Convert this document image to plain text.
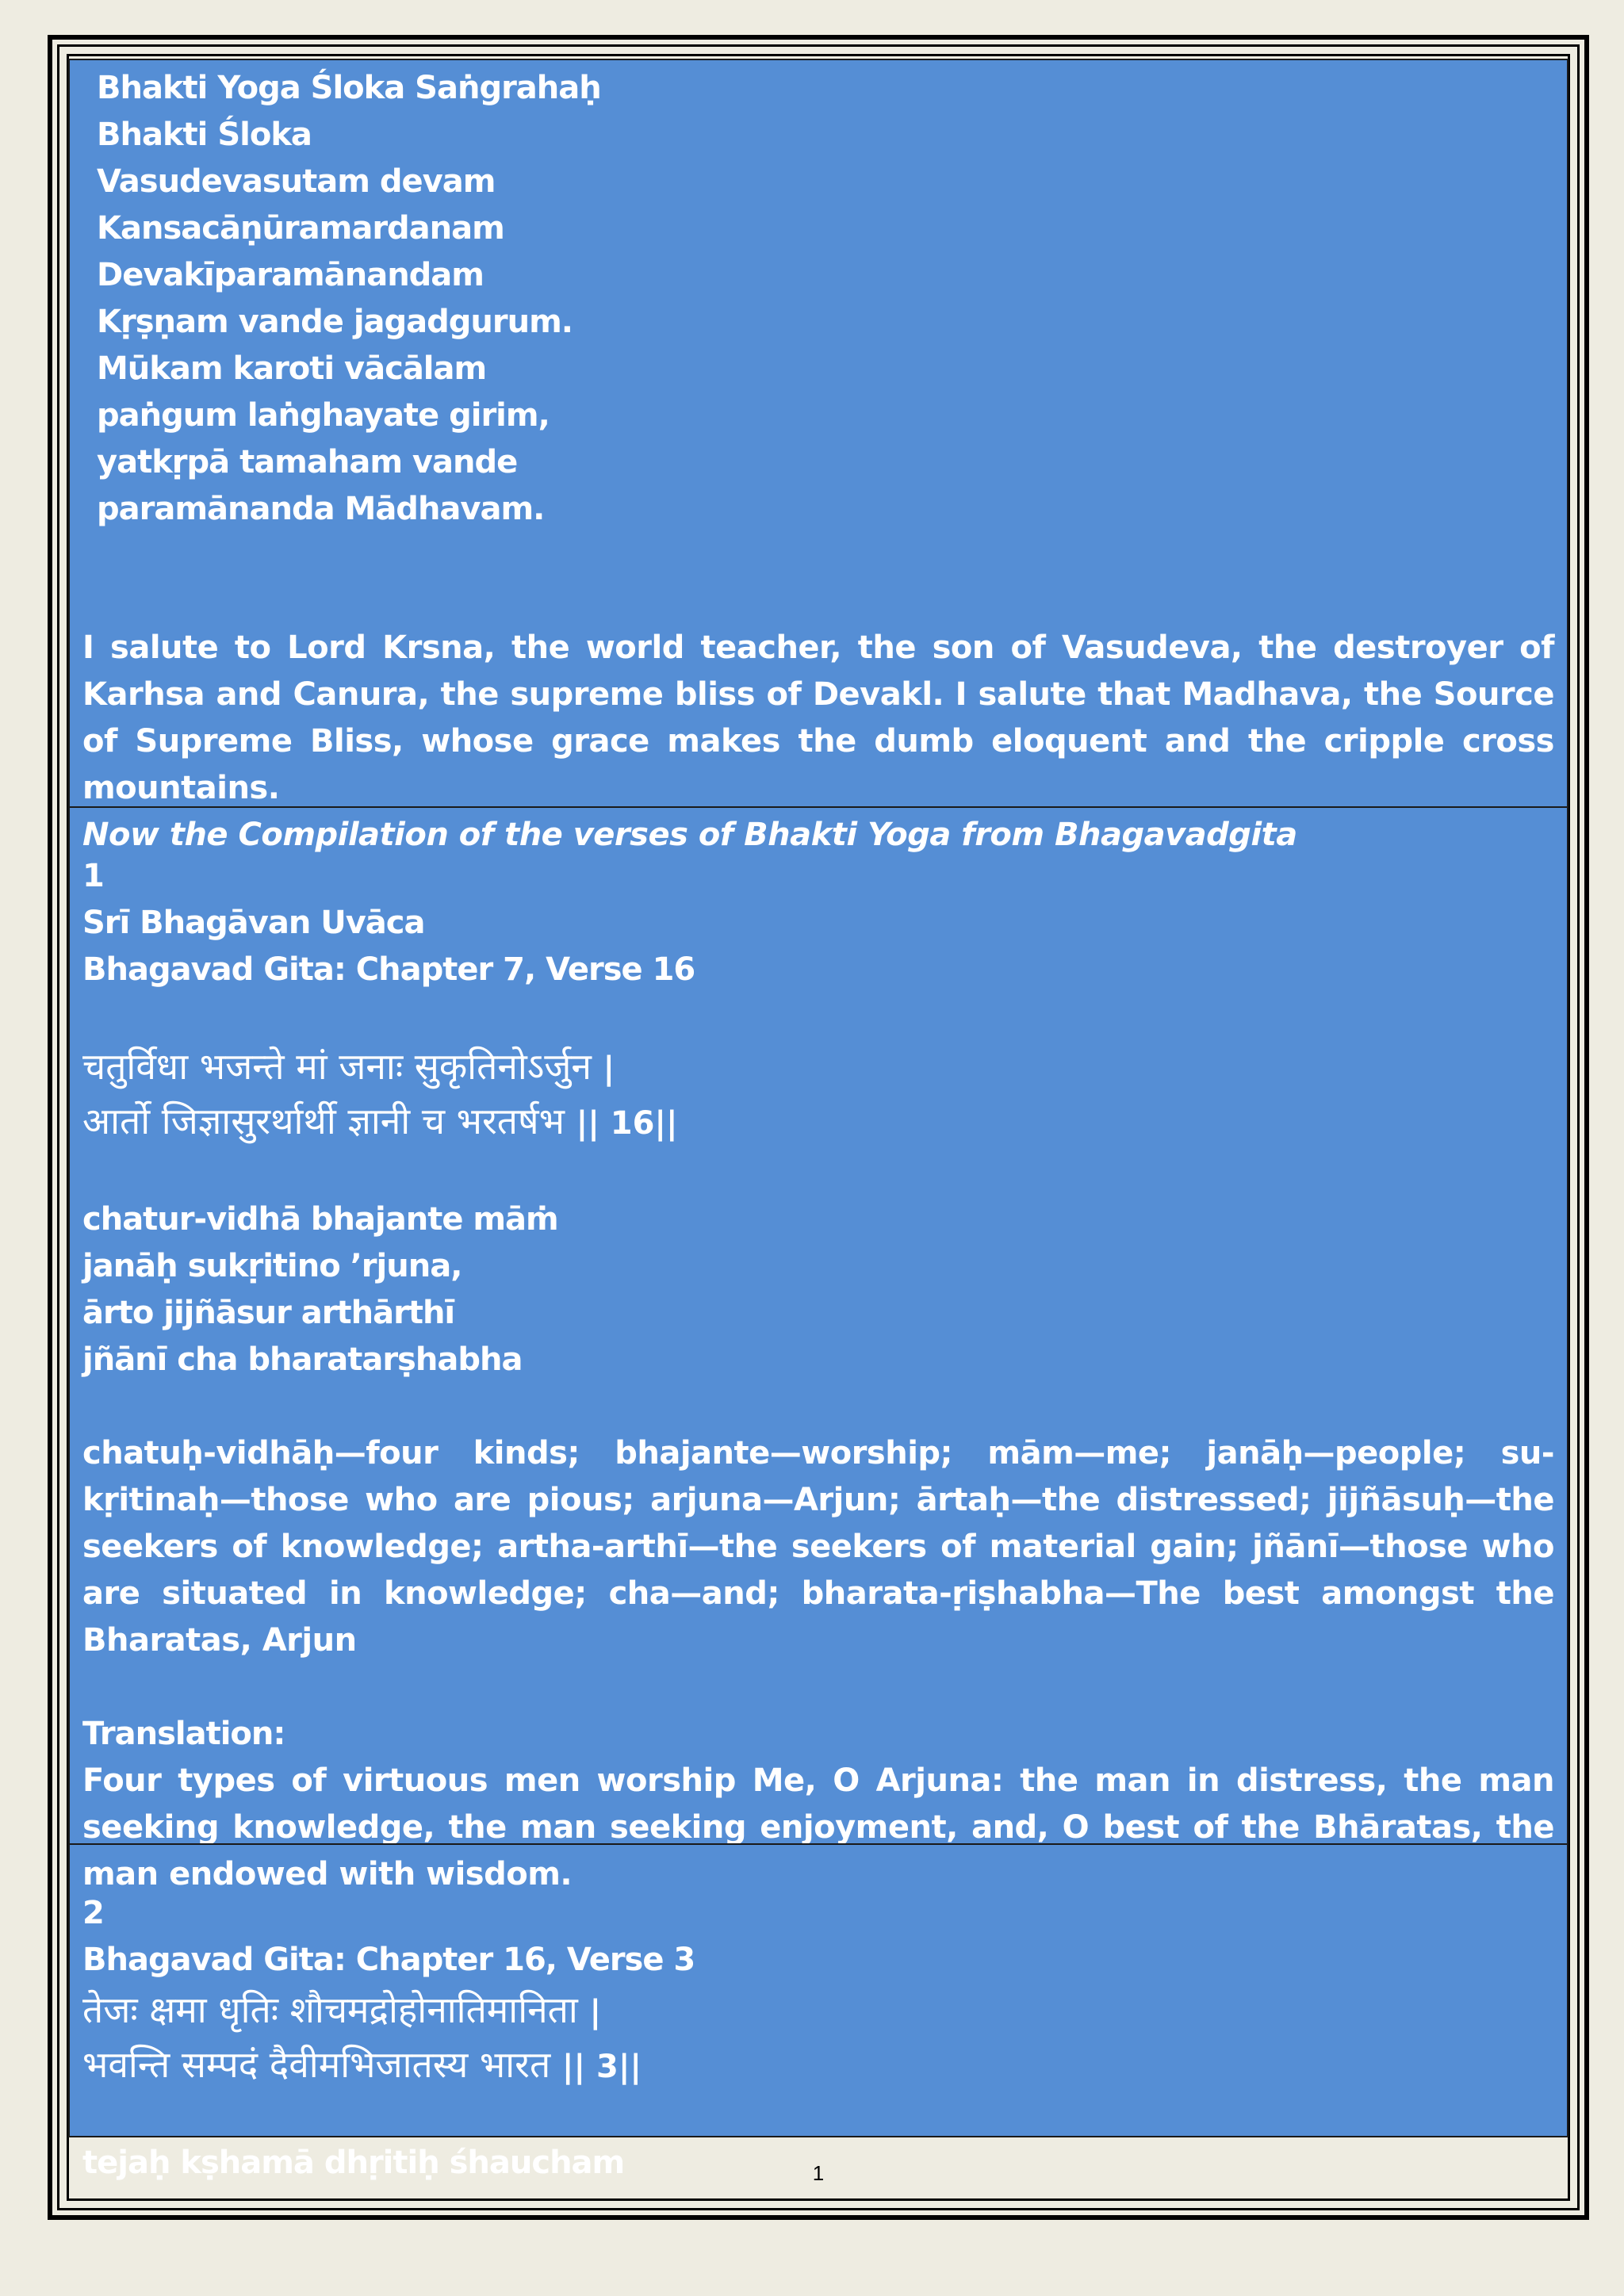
Bhakti Yoga Śloka Saṅgrahaḥ
Bhakti Śloka
Vasudevasutam devam
Kansacāṇūramardanam
Devakīparamānandam
Kṛṣṇam vande jagadgurum.
Mūkam karoti vācālam
paṅgum laṅghayate girim,
yatkṛpā tamaham vande
paramānanda Mādhavam.
I salute to Lord Krsna, the world teacher, the son of Vasudeva, the destroyer of Karhsa and Canura, the supreme bliss of Devakl. I salute that Madhava, the Source of Supreme Bliss, whose grace makes the dumb eloquent and the cripple cross mountains.
Now the Compilation of the verses of Bhakti Yoga from Bhagavadgita
1
Srī Bhagāvan Uvāca
Bhagavad Gita: Chapter 7, Verse 16
चतुर्विधा भजन्ते मां जनाः सुकृतिनोऽर्जुन |
आर्तो जिज्ञासुरर्थार्थी ज्ञानी च भरतर्षभ || 16||
chatur-vidhā bhajante māṁ
janāḥ sukṛitino ’rjuna,
ārto jijñāsur arthārthī
jñānī cha bharatarṣhabha
chatuḥ-vidhāḥ—four kinds; bhajante—worship; mām—me; janāḥ—people; su-kṛitinaḥ—those who are pious; arjuna—Arjun; ārtaḥ—the distressed; jijñāsuḥ—the seekers of knowledge; artha-arthī—the seekers of material gain; jñānī—those who are situated in knowledge; cha—and; bharata-ṛiṣhabha—The best amongst the Bharatas, Arjun
Translation:
Four types of virtuous men worship Me, O Arjuna: the man in distress, the man seeking knowledge, the man seeking enjoyment, and, O best of the Bhāratas, the man endowed with wisdom.
2
Bhagavad Gita: Chapter 16, Verse 3
तेजः क्षमा धृतिः शौचमद्रोहोनातिमानिता |
भवन्ति सम्पदं दैवीमभिजातस्य भारत || 3||
tejaḥ kṣhamā dhṛitiḥ śhaucham	1
